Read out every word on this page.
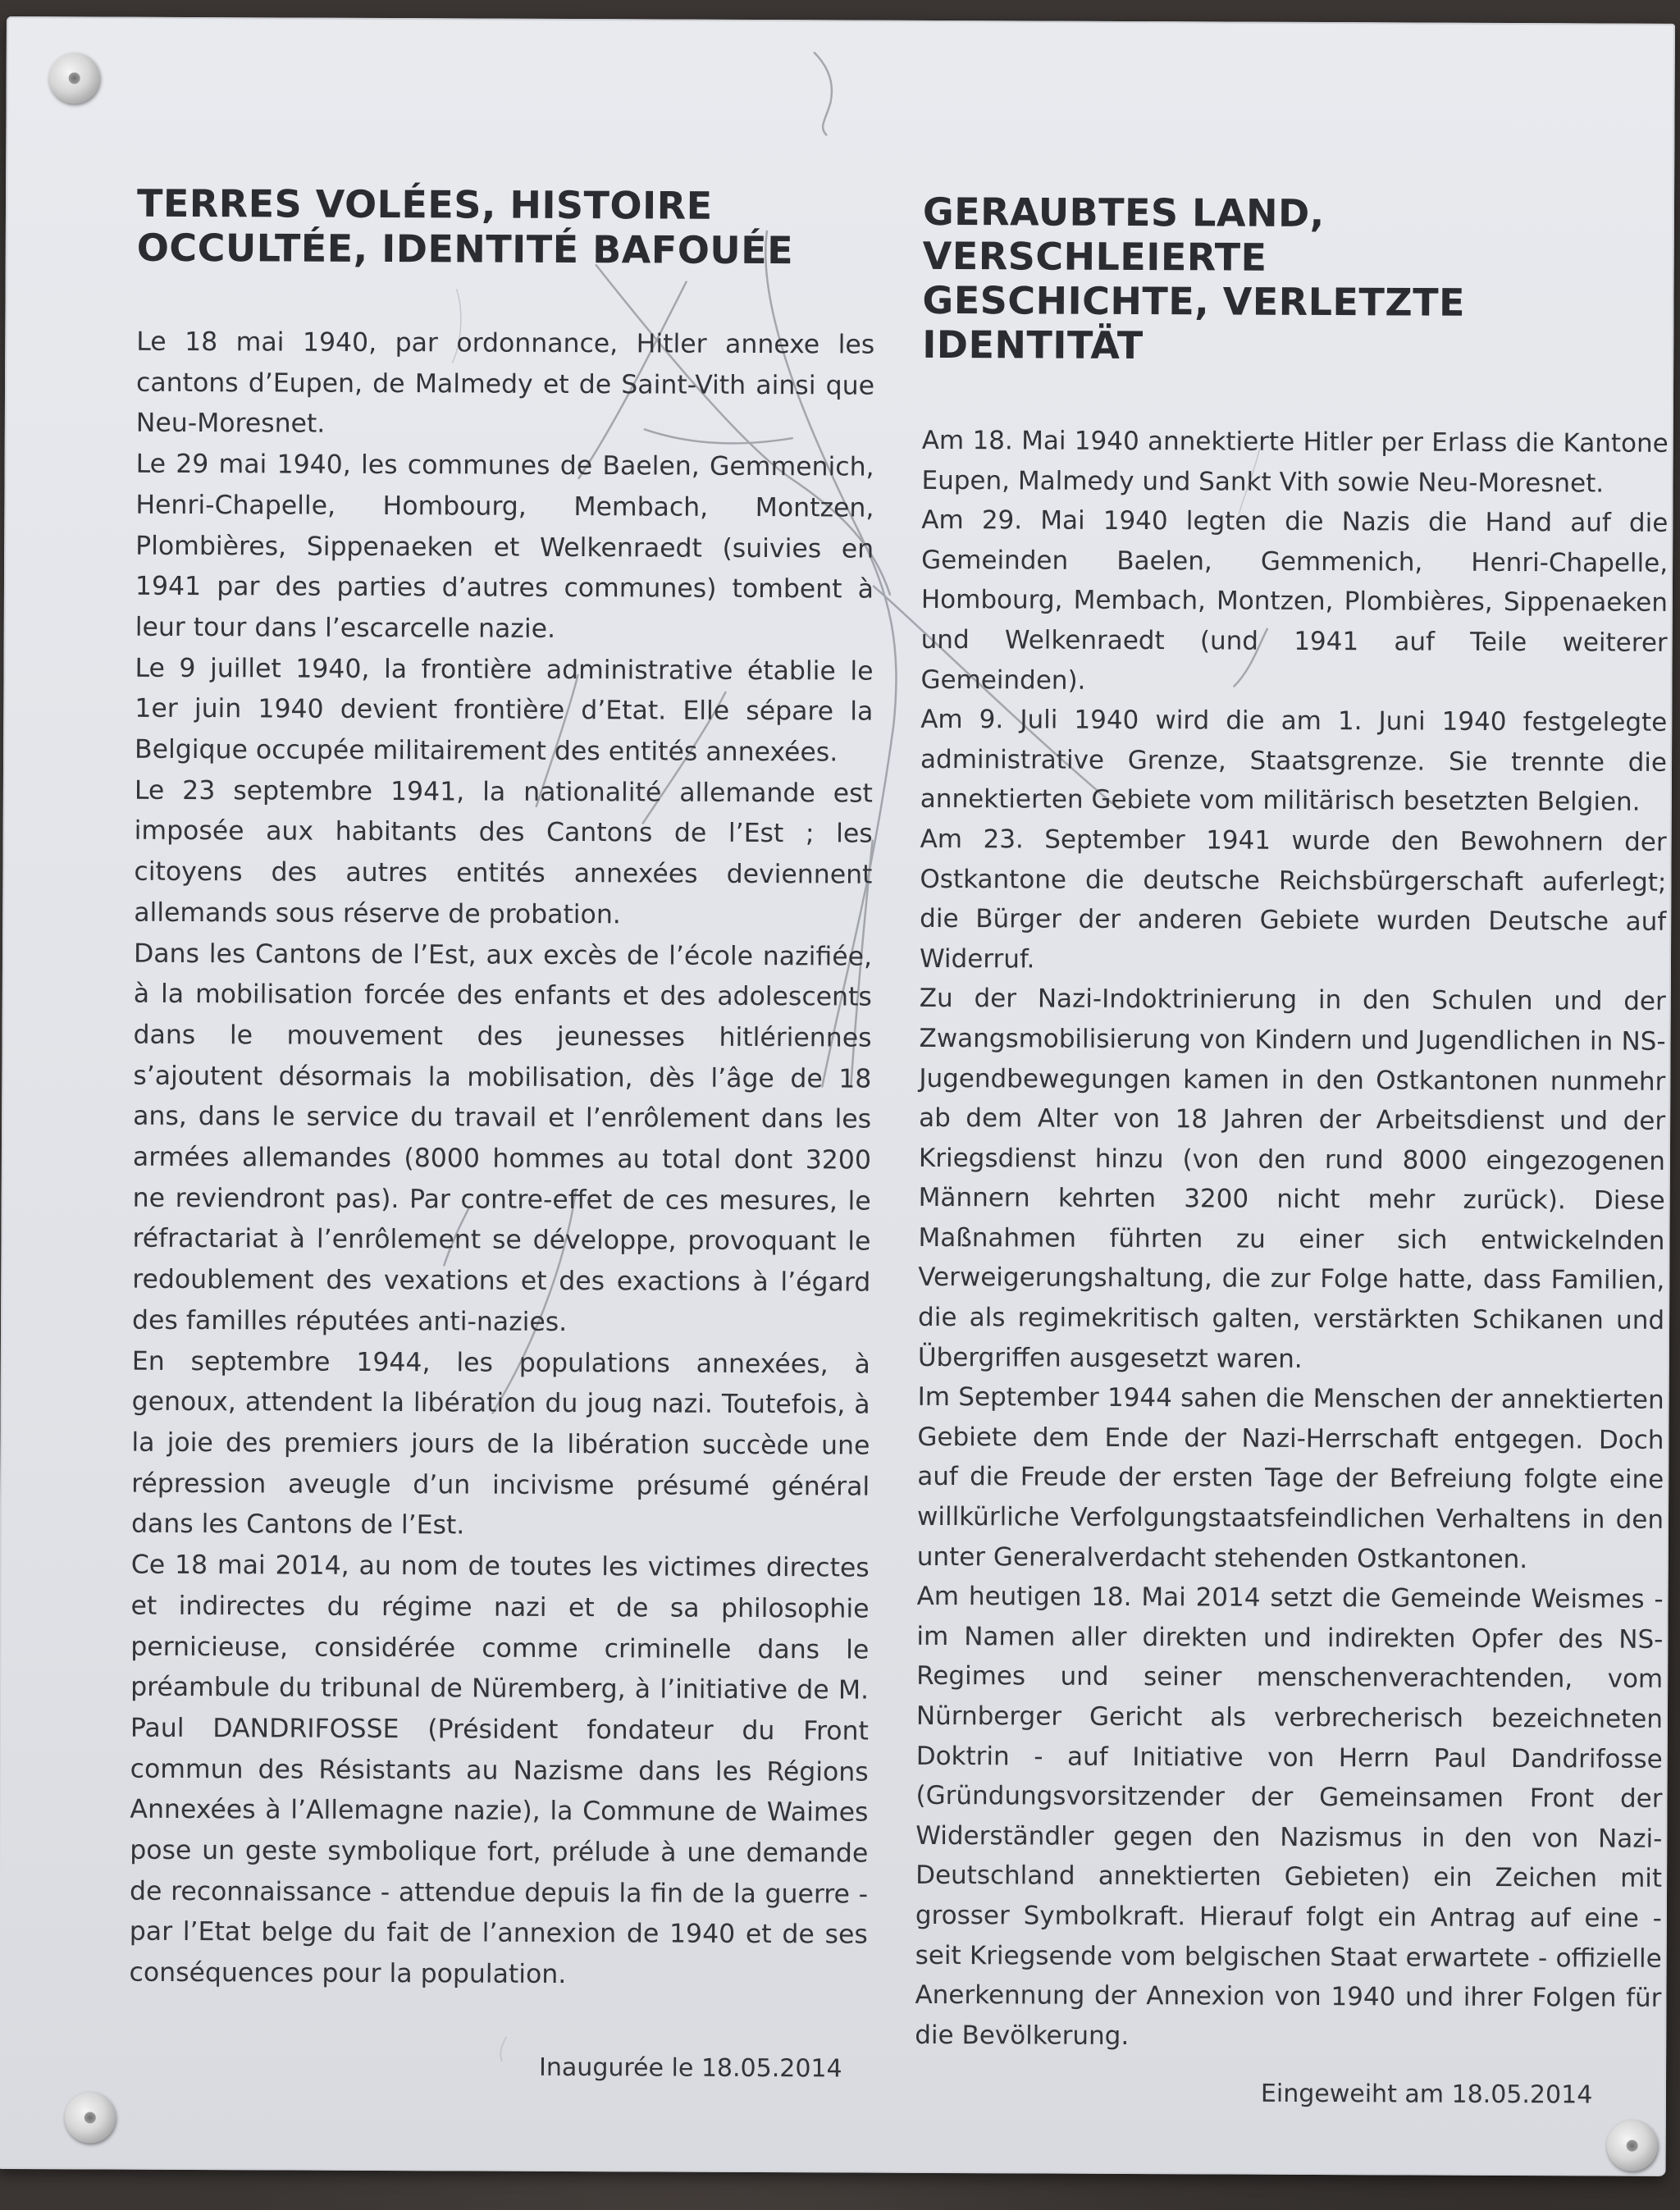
TERRES VOLÉES, HISTOIRE
OCCULTÉE, IDENTITÉ BAFOUÉE

Le 18 mai 1940, par ordonnance, Hitler annexe les cantons d’Eupen, de Malmedy et de Saint-Vith ainsi que Neu-Moresnet.

Le 29 mai 1940, les communes de Baelen, Gemmenich, Henri-Chapelle, Hombourg, Membach, Montzen, Plombières, Sippenaeken et Welkenraedt (suivies en 1941 par des parties d’autres communes) tombent à leur tour dans l’escarcelle nazie.

Le 9 juillet 1940, la frontière administrative établie le 1er juin 1940 devient frontière d’Etat. Elle sépare la Belgique occupée militairement des entités annexées.

Le 23 septembre 1941, la nationalité allemande est imposée aux habitants des Cantons de l’Est ; les citoyens des autres entités annexées deviennent allemands sous réserve de probation.

Dans les Cantons de l’Est, aux excès de l’école nazifiée, à la mobilisation forcée des enfants et des adolescents dans le mouvement des jeunesses hitlériennes s’ajoutent désormais la mobilisation, dès l’âge de 18 ans, dans le service du travail et l’enrôlement dans les armées allemandes (8000 hommes au total dont 3200 ne reviendront pas). Par contre-effet de ces mesures, le réfractariat à l’enrôlement se développe, provoquant le redoublement des vexations et des exactions à l’égard des familles réputées anti-nazies.

En septembre 1944, les populations annexées, à genoux, attendent la libération du joug nazi. Toutefois, à la joie des premiers jours de la libération succède une répression aveugle d’un incivisme présumé général dans les Cantons de l’Est.

Ce 18 mai 2014, au nom de toutes les victimes directes et indirectes du régime nazi et de sa philosophie pernicieuse, considérée comme criminelle dans le préambule du tribunal de Nüremberg, à l’initiative de M. Paul DANDRIFOSSE (Président fondateur du Front commun des Résistants au Nazisme dans les Régions Annexées à l’Allemagne nazie), la Commune de Waimes pose un geste symbolique fort, prélude à une demande de reconnaissance - attendue depuis la fin de la guerre - par l’Etat belge du fait de l’annexion de 1940 et de ses conséquences pour la population.

GERAUBTES LAND, VERSCHLEIERTE
GESCHICHTE, VERLETZTE IDENTITÄT

Am 18. Mai 1940 annektierte Hitler per Erlass die Kantone Eupen, Malmedy und Sankt Vith sowie Neu-Moresnet.

Am 29. Mai 1940 legten die Nazis die Hand auf die Gemeinden Baelen, Gemmenich, Henri-Chapelle, Hombourg, Membach, Montzen, Plombières, Sippenaeken und Welkenraedt (und 1941 auf Teile weiterer Gemeinden).

Am 9. Juli 1940 wird die am 1. Juni 1940 festgelegte administrative Grenze, Staatsgrenze. Sie trennte die annektierten Gebiete vom militärisch besetzten Belgien.

Am 23. September 1941 wurde den Bewohnern der Ostkantone die deutsche Reichsbürgerschaft auferlegt; die Bürger der anderen Gebiete wurden Deutsche auf Widerruf.

Zu der Nazi-Indoktrinierung in den Schulen und der Zwangsmobilisierung von Kindern und Jugendlichen in NS-Jugendbewegungen kamen in den Ostkantonen nunmehr ab dem Alter von 18 Jahren der Arbeitsdienst und der Kriegsdienst hinzu (von den rund 8000 eingezogenen Männern kehrten 3200 nicht mehr zurück). Diese Maßnahmen führten zu einer sich entwickelnden Verweigerungshaltung, die zur Folge hatte, dass Familien, die als regimekritisch galten, verstärkten Schikanen und Übergriffen ausgesetzt waren.

Im September 1944 sahen die Menschen der annektierten Gebiete dem Ende der Nazi-Herrschaft entgegen. Doch auf die Freude der ersten Tage der Befreiung folgte eine willkürliche Verfolgungstaatsfeindlichen Verhaltens in den unter Generalverdacht stehenden Ostkantonen.

Am heutigen 18. Mai 2014 setzt die Gemeinde Weismes - im Namen aller direkten und indirekten Opfer des NS-Regimes und seiner menschenverachtenden, vom Nürnberger Gericht als verbrecherisch bezeichneten Doktrin - auf Initiative von Herrn Paul Dandrifosse (Gründungsvorsitzender der Gemeinsamen Front der Widerständler gegen den Nazismus in den von Nazi-Deutschland annektierten Gebieten) ein Zeichen mit grosser Symbolkraft. Hierauf folgt ein Antrag auf eine - seit Kriegsende vom belgischen Staat erwartete - offizielle Anerkennung der Annexion von 1940 und ihrer Folgen für die Bevölkerung.

Inaugurée le 18.05.2014
Eingeweiht am 18.05.2014
